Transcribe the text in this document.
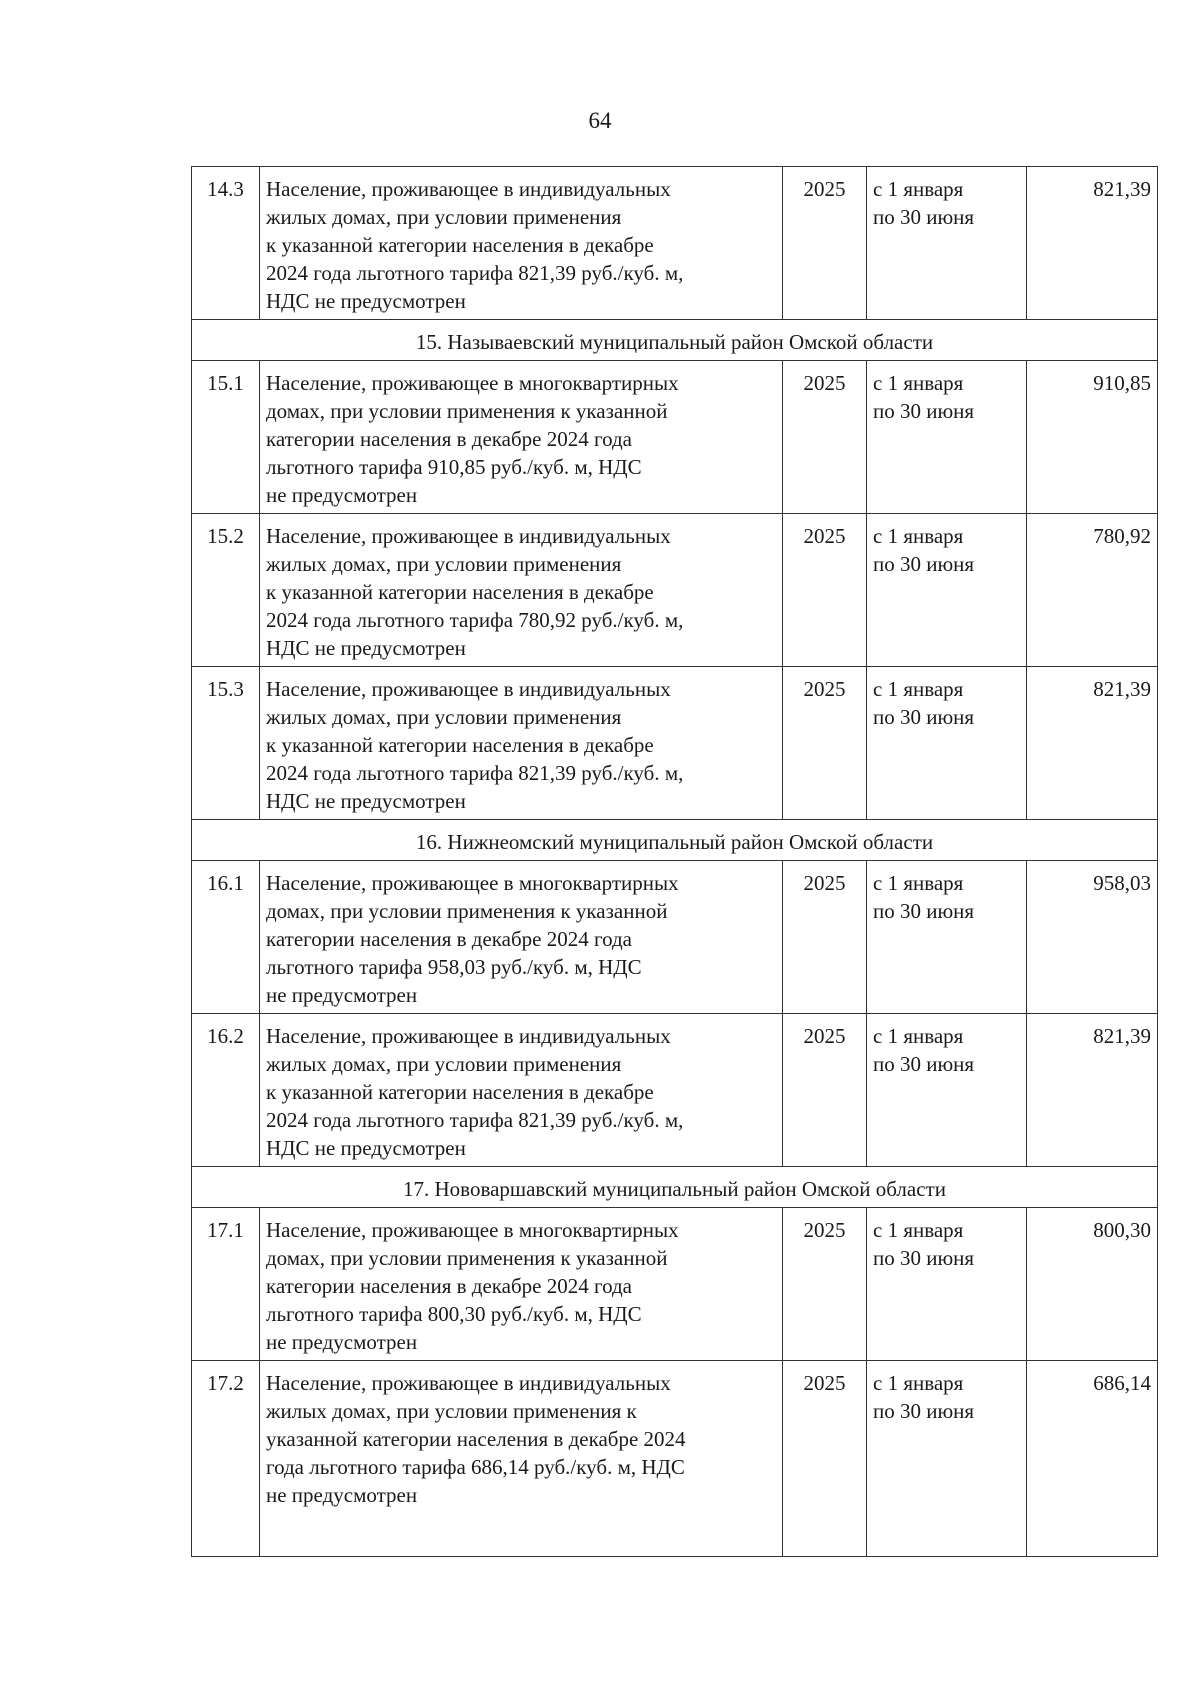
64
14.3	Население, проживающее в индивидуальных
жилых домах, при условии применения
к указанной категории населения в декабре
2024 года льготного тарифа 821,39 руб./куб. м,
НДС не предусмотрен	2025	с 1 января
по 30 июня	821,39
15. Называевский муниципальный район Омской области				
15.1	Население, проживающее в многоквартирных
домах, при условии применения к указанной
категории населения в декабре 2024 года
льготного тарифа 910,85 руб./куб. м, НДС
не предусмотрен	2025	с 1 января
по 30 июня	910,85
15.2	Население, проживающее в индивидуальных
жилых домах, при условии применения
к указанной категории населения в декабре
2024 года льготного тарифа 780,92 руб./куб. м,
НДС не предусмотрен	2025	с 1 января
по 30 июня	780,92
15.3	Население, проживающее в индивидуальных
жилых домах, при условии применения
к указанной категории населения в декабре
2024 года льготного тарифа 821,39 руб./куб. м,
НДС не предусмотрен	2025	с 1 января
по 30 июня	821,39
16. Нижнеомский муниципальный район Омской области				
16.1	Население, проживающее в многоквартирных
домах, при условии применения к указанной
категории населения в декабре 2024 года
льготного тарифа 958,03 руб./куб. м, НДС
не предусмотрен	2025	с 1 января
по 30 июня	958,03
16.2	Население, проживающее в индивидуальных
жилых домах, при условии применения
к указанной категории населения в декабре
2024 года льготного тарифа 821,39 руб./куб. м,
НДС не предусмотрен	2025	с 1 января
по 30 июня	821,39
17. Нововаршавский муниципальный район Омской области				
17.1	Население, проживающее в многоквартирных
домах, при условии применения к указанной
категории населения в декабре 2024 года
льготного тарифа 800,30 руб./куб. м, НДС
не предусмотрен	2025	с 1 января
по 30 июня	800,30
17.2	Население, проживающее в индивидуальных
жилых домах, при условии применения к
указанной категории населения в декабре 2024
года льготного тарифа 686,14 руб./куб. м, НДС
не предусмотрен	2025	с 1 января
по 30 июня	686,14
